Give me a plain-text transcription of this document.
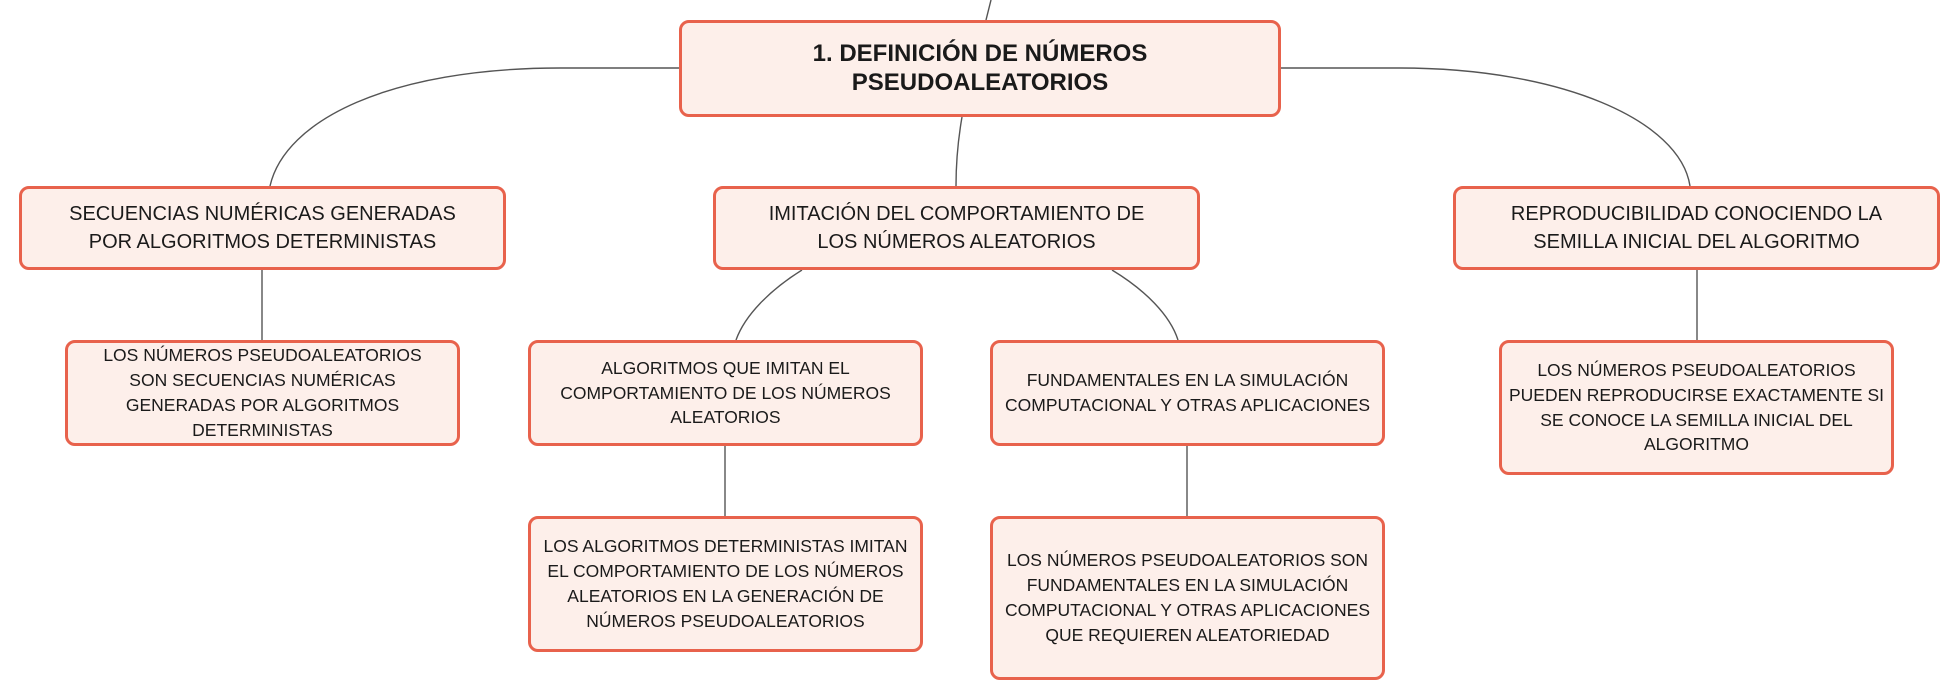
1. DEFINICIÓN DE NÚMEROS PSEUDOALEATORIOS
SECUENCIAS NUMÉRICAS GENERADAS POR ALGORITMOS DETERMINISTAS
IMITACIÓN DEL COMPORTAMIENTO DE LOS NÚMEROS ALEATORIOS
REPRODUCIBILIDAD CONOCIENDO LA SEMILLA INICIAL DEL ALGORITMO
LOS NÚMEROS PSEUDOALEATORIOS SON SECUENCIAS NUMÉRICAS GENERADAS POR ALGORITMOS DETERMINISTAS
ALGORITMOS QUE IMITAN EL COMPORTAMIENTO DE LOS NÚMEROS ALEATORIOS
FUNDAMENTALES EN LA SIMULACIÓN COMPUTACIONAL Y OTRAS APLICACIONES
LOS NÚMEROS PSEUDOALEATORIOS PUEDEN REPRODUCIRSE EXACTAMENTE SI SE CONOCE LA SEMILLA INICIAL DEL ALGORITMO
LOS ALGORITMOS DETERMINISTAS IMITAN EL COMPORTAMIENTO DE LOS NÚMEROS ALEATORIOS EN LA GENERACIÓN DE NÚMEROS PSEUDOALEATORIOS
LOS NÚMEROS PSEUDOALEATORIOS SON FUNDAMENTALES EN LA SIMULACIÓN COMPUTACIONAL Y OTRAS APLICACIONES QUE REQUIEREN ALEATORIEDAD
